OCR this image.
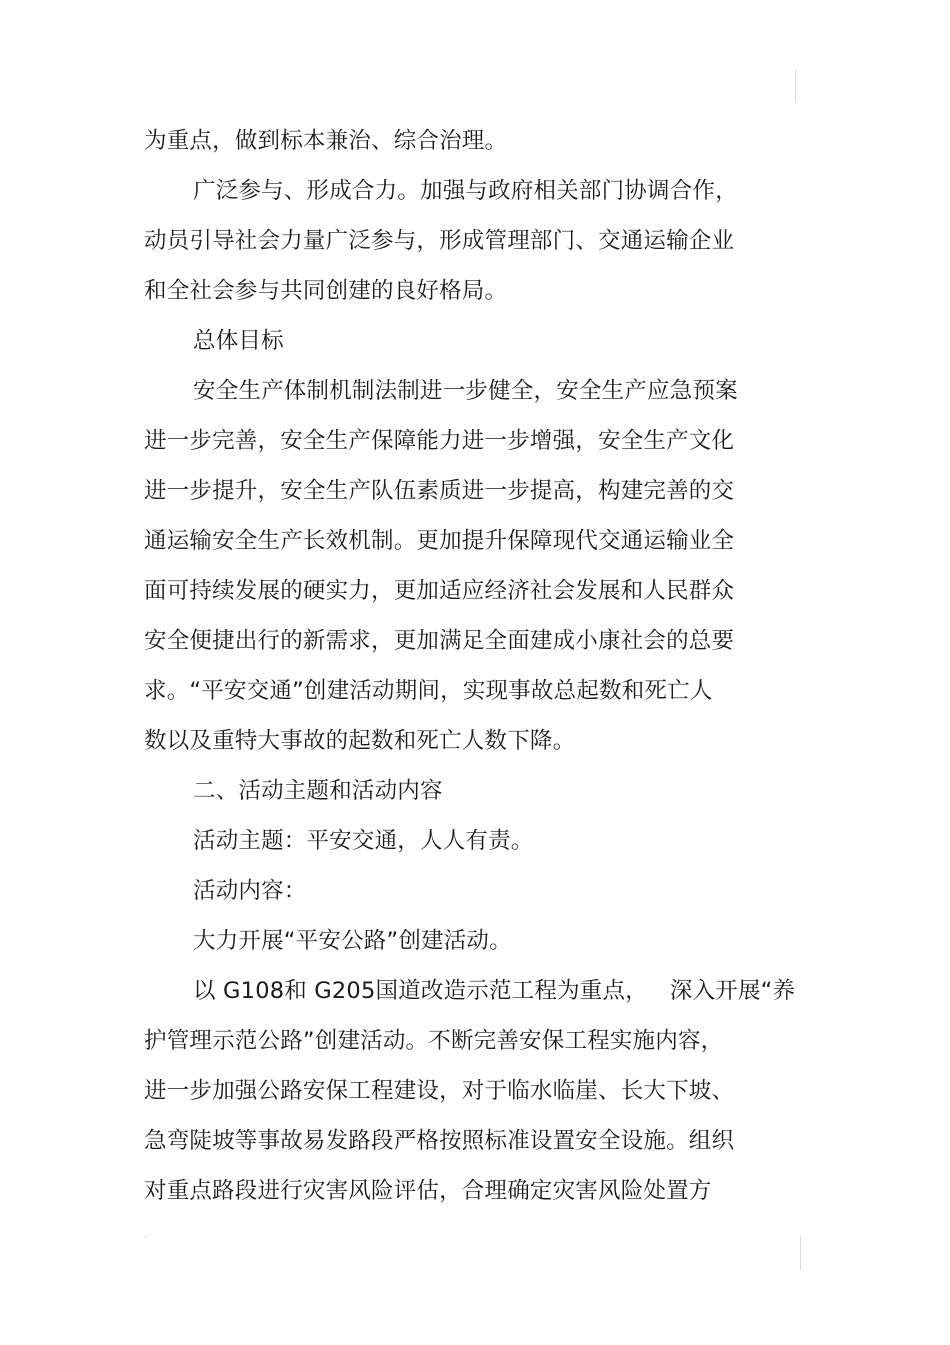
为重点，做到标本兼治、综合治理。
广泛参与、形成合力。加强与政府相关部门协调合作，
动员引导社会力量广泛参与，形成管理部门、交通运输企业
和全社会参与共同创建的良好格局。
总体目标
安全生产体制机制法制进一步健全，安全生产应急预案
进一步完善，安全生产保障能力进一步增强，安全生产文化
进一步提升，安全生产队伍素质进一步提高，构建完善的交
通运输安全生产长效机制。更加提升保障现代交通运输业全
面可持续发展的硬实力，更加适应经济社会发展和人民群众
安全便捷出行的新需求，更加满足全面建成小康社会的总要
求。“平安交通”创建活动期间，实现事故总起数和死亡人
数以及重特大事故的起数和死亡人数下降。
二、活动主题和活动内容
活动主题：平安交通，人人有责。
活动内容：
大力开展“平安公路”创建活动。
以 G108和 G205国道改造示范工程为重点， 深入开展“养
护管理示范公路”创建活动。不断完善安保工程实施内容，
进一步加强公路安保工程建设，对于临水临崖、长大下坡、
急弯陡坡等事故易发路段严格按照标准设置安全设施。组织
对重点路段进行灾害风险评估，合理确定灾害风险处置方
